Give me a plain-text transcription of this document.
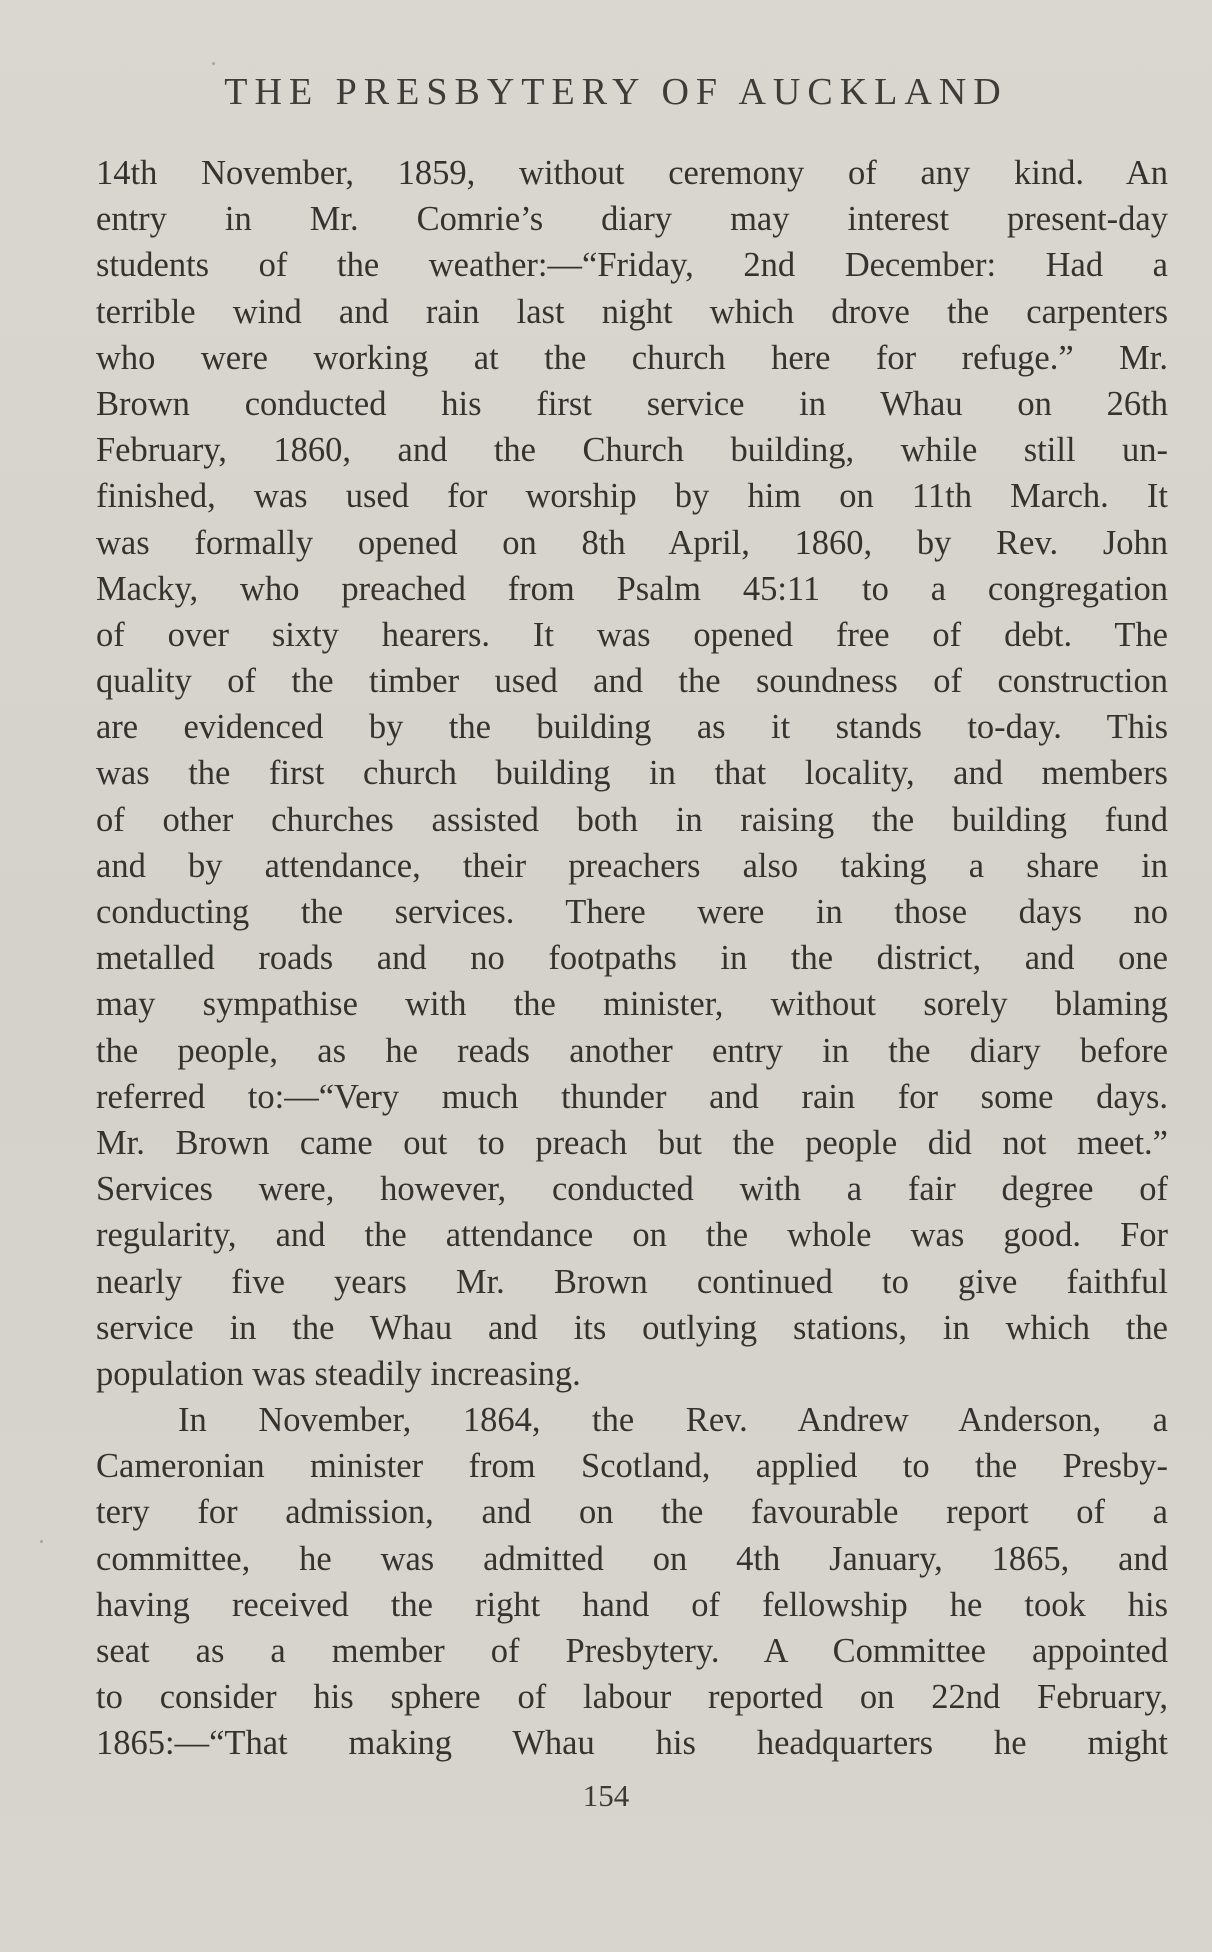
THE PRESBYTERY OF AUCKLAND
14th November, 1859, without ceremony of any kind. An
entry in Mr. Comrie’s diary may interest present-day
students of the weather:—“Friday, 2nd December: Had a
terrible wind and rain last night which drove the carpenters
who were working at the church here for refuge.” Mr.
Brown conducted his first service in Whau on 26th
February, 1860, and the Church building, while still un-
finished, was used for worship by him on 11th March. It
was formally opened on 8th April, 1860, by Rev. John
Macky, who preached from Psalm 45:11 to a congregation
of over sixty hearers. It was opened free of debt. The
quality of the timber used and the soundness of construction
are evidenced by the building as it stands to-day. This
was the first church building in that locality, and members
of other churches assisted both in raising the building fund
and by attendance, their preachers also taking a share in
conducting the services. There were in those days no
metalled roads and no footpaths in the district, and one
may sympathise with the minister, without sorely blaming
the people, as he reads another entry in the diary before
referred to:—“Very much thunder and rain for some days.
Mr. Brown came out to preach but the people did not meet.”
Services were, however, conducted with a fair degree of
regularity, and the attendance on the whole was good. For
nearly five years Mr. Brown continued to give faithful
service in the Whau and its outlying stations, in which the
population was steadily increasing.
In November, 1864, the Rev. Andrew Anderson, a
Cameronian minister from Scotland, applied to the Presby-
tery for admission, and on the favourable report of a
committee, he was admitted on 4th January, 1865, and
having received the right hand of fellowship he took his
seat as a member of Presbytery. A Committee appointed
to consider his sphere of labour reported on 22nd February,
1865:—“That making Whau his headquarters he might
154
